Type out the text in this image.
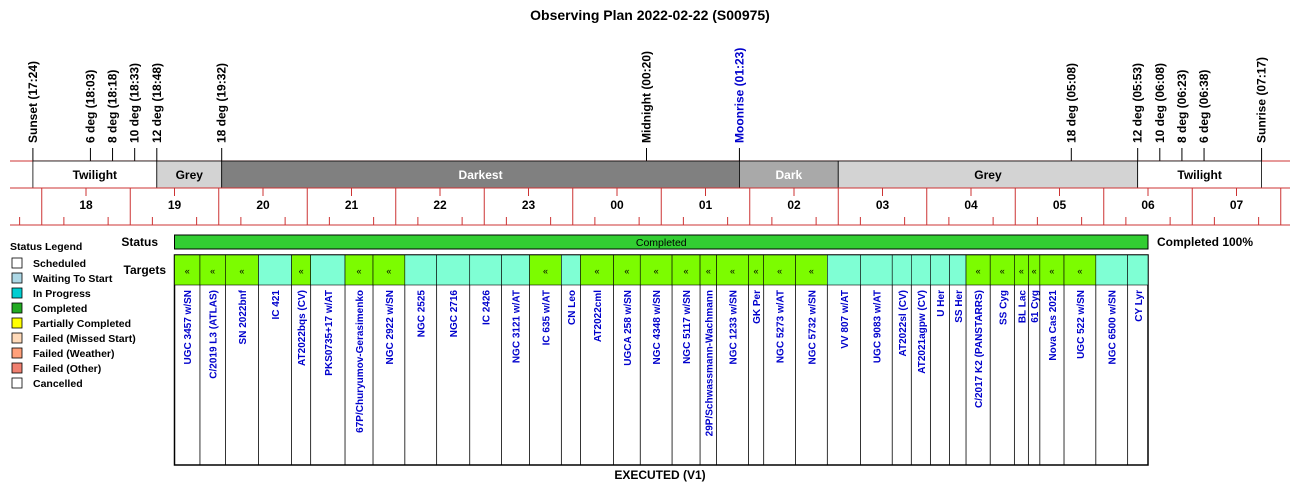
Observing Plan 2022-02-22 (S00975)
Sunset (17:24)	6 deg (18:03) 8 deg (18:18) 10 deg (18:33) 12 deg (18:48)	18 deg (19:32)	Midnight (00:20)	Moonrise (01:23)	18 deg (05:08)	12 deg (05:53) 10 deg (06:08) 8 deg (06:23) 6 deg (06:38)	Sunrise (07:17)
Twilight	Grey	Darkest	Dark	Grey	Twilight
18	19	20	21	22	23	00	01	02	03	04	05	06	07
Status Legend
Scheduled
Waiting To Start
In Progress
Completed
Partially Completed
Failed (Missed Start)
Failed (Weather)
Failed (Other)
Cancelled
Status
Targets
Completed
«
UGC 3457 w/SN
«
C/2019 L3 (ATLAS)
«
SN 2022bnf IC 421
«
AT2022bqs (CV) PKS0735+17 w/AT
«
67P/Churyumov-Gerasimenko
«
NGC 2922 w/SN NGC 2525 NGC 2716 IC 2426 NGC 3121 w/AT
«
IC 635 w/AT CN Leo
«
AT2022cml
«
UGCA 258 w/SN
«
NGC 4348 w/SN
«
NGC 5117 w/SN
«
29P/Schwassmann-Wachmann
«
NGC 1233 w/SN
«
GK Per
«
NGC 5273 w/AT
«
NGC 5732 w/SN VV 807 w/AT UGC 9083 w/AT AT2022sl (CV) AT2021agpw (CV) U Her SS Her
«
C/2017 K2 (PANSTARRS)
«
SS Cyg
«
BL Lac
«
61 Cyg
«
Nova Cas 2021
«
UGC 522 w/SN NGC 6500 w/SN CY Lyr
Completed 100%
EXECUTED (V1)
